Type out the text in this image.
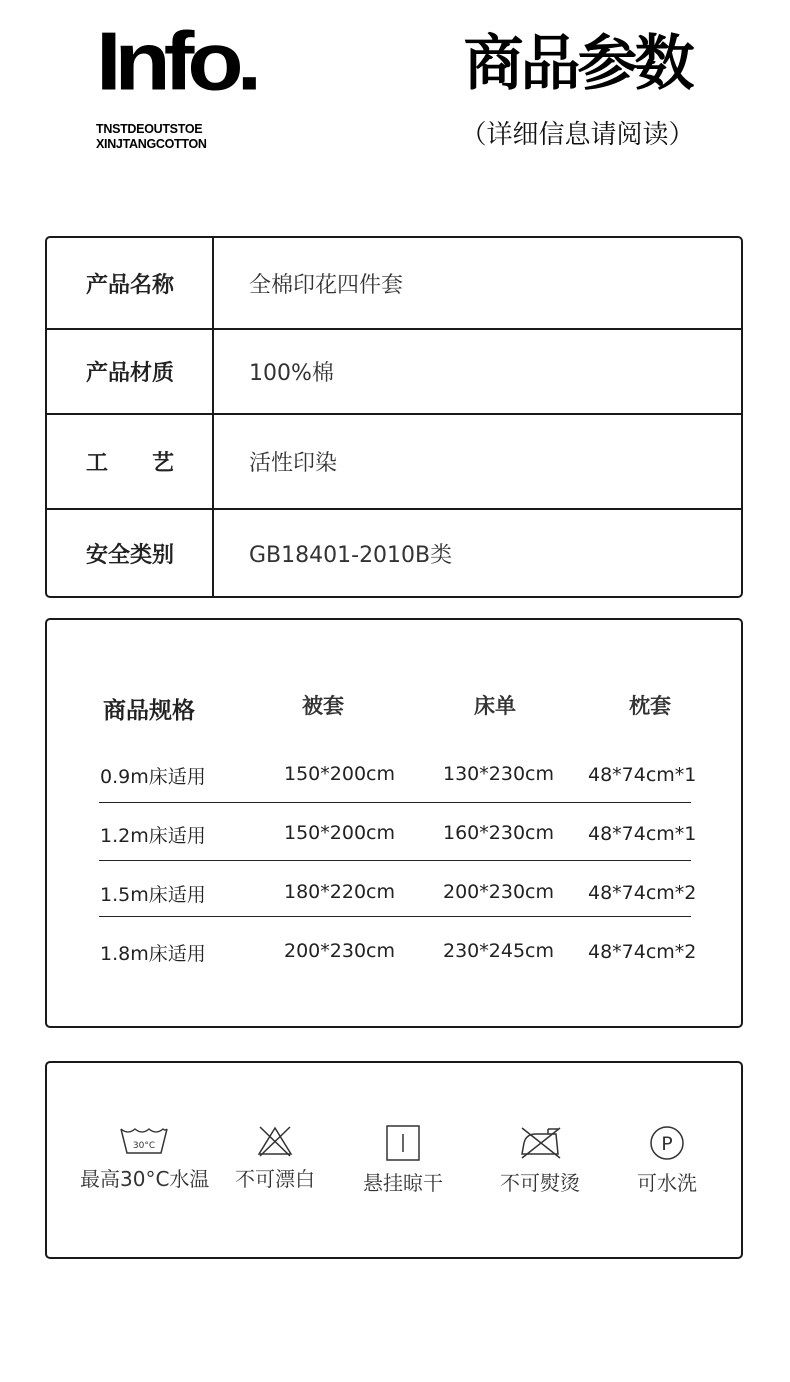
Info.
TNSTDEOUTSTOE
XINJTANGCOTTON
商品参数
（详细信息请阅读）
产品名称	全棉印花四件套
产品材质	100%棉
工　　艺	活性印染
安全类别	GB18401-2010B类
商品规格	被套	床单	枕套
0.9m床适用	150*200cm	130*230cm 48*74cm*1
1.2m床适用	150*200cm	160*230cm 48*74cm*1
1.5m床适用	180*220cm	200*230cm 48*74cm*2
1.8m床适用	200*230cm	230*245cm 48*74cm*2
30°C
最高30°C水温 不可漂白	悬挂晾干	不可熨烫
P
可水洗
